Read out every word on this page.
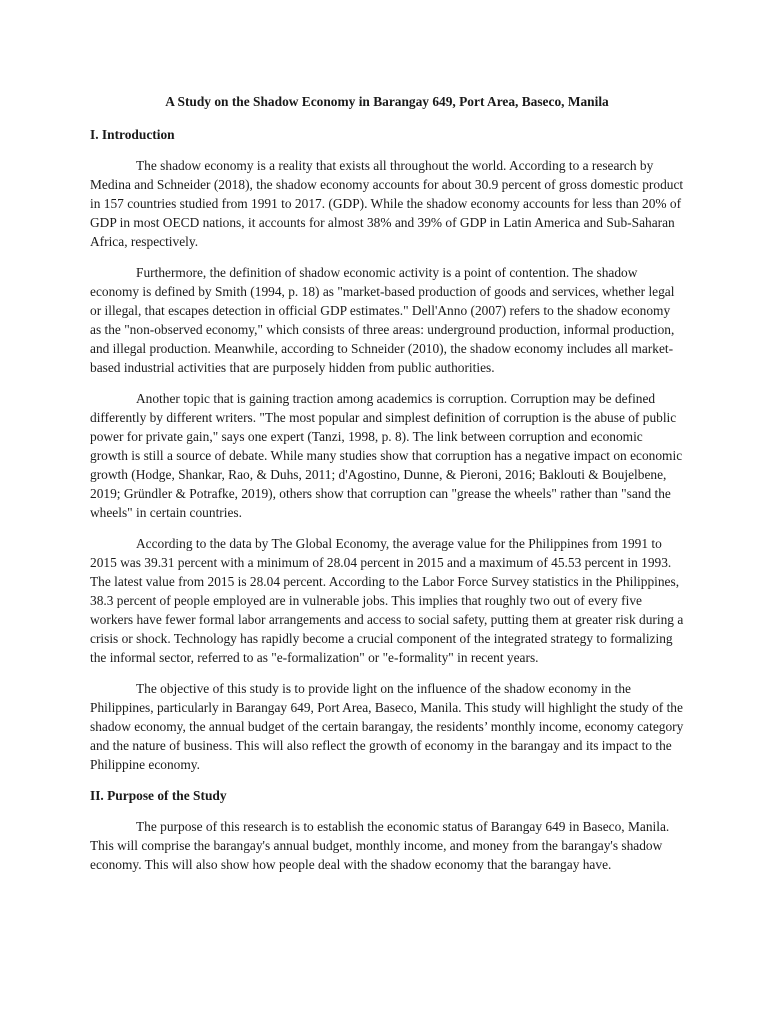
A Study on the Shadow Economy in Barangay 649, Port Area, Baseco, Manila

I. Introduction

The shadow economy is a reality that exists all throughout the world. According to a research by Medina and Schneider (2018), the shadow economy accounts for about 30.9 percent of gross domestic product in 157 countries studied from 1991 to 2017. (GDP). While the shadow economy accounts for less than 20% of GDP in most OECD nations, it accounts for almost 38% and 39% of GDP in Latin America and Sub-Saharan Africa, respectively.

Furthermore, the definition of shadow economic activity is a point of contention. The shadow economy is defined by Smith (1994, p. 18) as "market-based production of goods and services, whether legal or illegal, that escapes detection in official GDP estimates." Dell'Anno (2007) refers to the shadow economy as the "non-observed economy," which consists of three areas: underground production, informal production, and illegal production. Meanwhile, according to Schneider (2010), the shadow economy includes all market-based industrial activities that are purposely hidden from public authorities.

Another topic that is gaining traction among academics is corruption. Corruption may be defined differently by different writers. "The most popular and simplest definition of corruption is the abuse of public power for private gain," says one expert (Tanzi, 1998, p. 8). The link between corruption and economic growth is still a source of debate. While many studies show that corruption has a negative impact on economic growth (Hodge, Shankar, Rao, & Duhs, 2011; d'Agostino, Dunne, & Pieroni, 2016; Baklouti & Boujelbene, 2019; Gründler & Potrafke, 2019), others show that corruption can "grease the wheels" rather than "sand the wheels" in certain countries.

According to the data by The Global Economy, the average value for the Philippines from 1991 to 2015 was 39.31 percent with a minimum of 28.04 percent in 2015 and a maximum of 45.53 percent in 1993. The latest value from 2015 is 28.04 percent. According to the Labor Force Survey statistics in the Philippines, 38.3 percent of people employed are in vulnerable jobs. This implies that roughly two out of every five workers have fewer formal labor arrangements and access to social safety, putting them at greater risk during a crisis or shock. Technology has rapidly become a crucial component of the integrated strategy to formalizing the informal sector, referred to as "e-formalization" or "e-formality" in recent years.

The objective of this study is to provide light on the influence of the shadow economy in the Philippines, particularly in Barangay 649, Port Area, Baseco, Manila. This study will highlight the study of the shadow economy, the annual budget of the certain barangay, the residents’ monthly income, economy category and the nature of business. This will also reflect the growth of economy in the barangay and its impact to the Philippine economy.

II. Purpose of the Study

The purpose of this research is to establish the economic status of Barangay 649 in Baseco, Manila. This will comprise the barangay's annual budget, monthly income, and money from the barangay's shadow economy. This will also show how people deal with the shadow economy that the barangay have.
